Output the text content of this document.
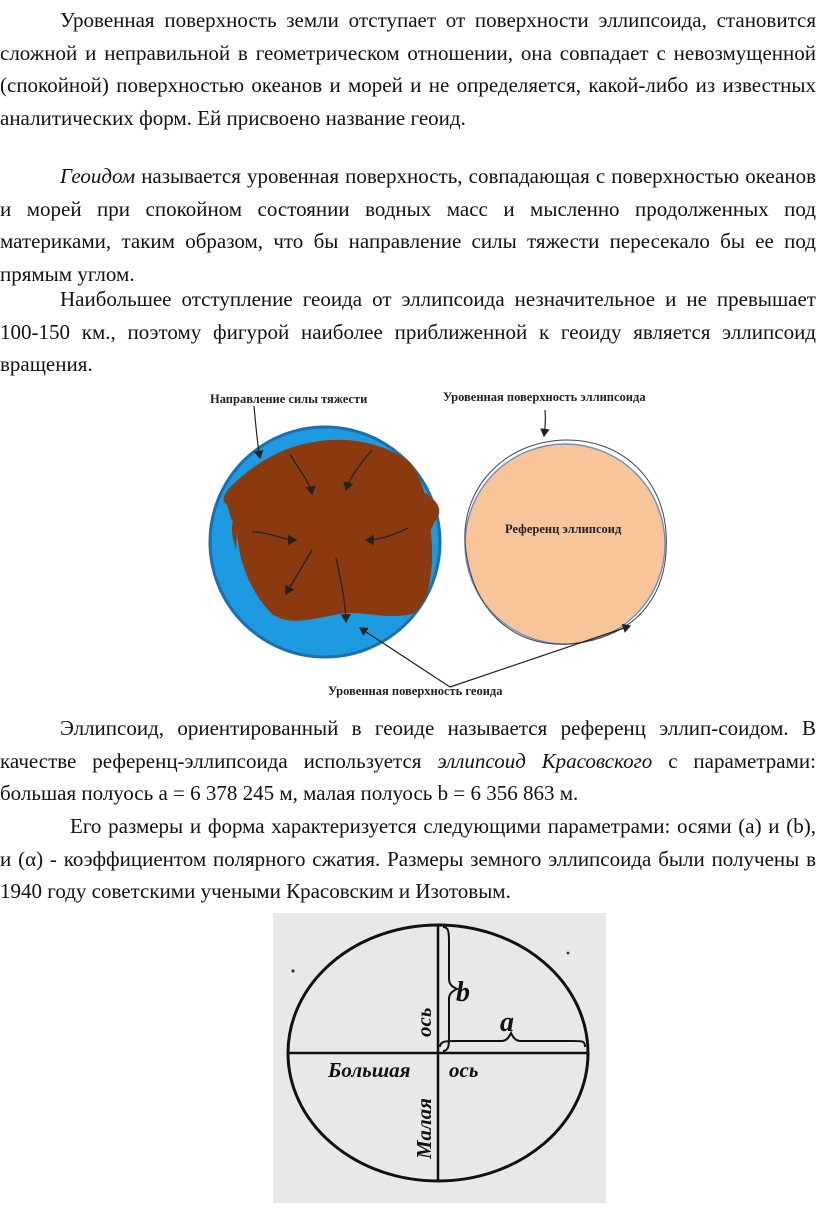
Уровенная поверхность земли отступает от поверхности эллипсоида, становится сложной и неправильной в геометрическом отношении, она совпадает с невозмущенной (спокойной) поверхностью океанов и морей и не определяется, какой-либо из известных аналитических форм. Ей присвоено название геоид.

Геоидом называется уровенная поверхность, совпадающая с поверхностью океанов и морей при спокойном состоянии водных масс и мысленно продолженных под материками, таким образом, что бы направление силы тяжести пересекало бы ее под прямым углом.

Наибольшее отступление геоида от эллипсоида незначительное и не превышает 100-150 км., поэтому фигурой наиболее приближенной к геоиду является эллипсоид вращения.

Направление силы тяжести	Уровенная поверхность эллипсоида
Референц эллипсоид
Уровенная поверхность геоида

Эллипсоид, ориентированный в геоиде называется референц эллип-соидом. В качестве референц-эллипсоида используется эллипсоид Красовского с параметрами: большая полуось а = 6 378 245 м, малая полуось b = 6 356 863 м.

Его размеры и форма характеризуется следующими параметрами: осями (а) и (b), и (α) - коэффициентом полярного сжатия. Размеры земного эллипсоида были получены в 1940 году советскими учеными Красовским и Изотовым.

b
a
Большая ось
ось
Малая
